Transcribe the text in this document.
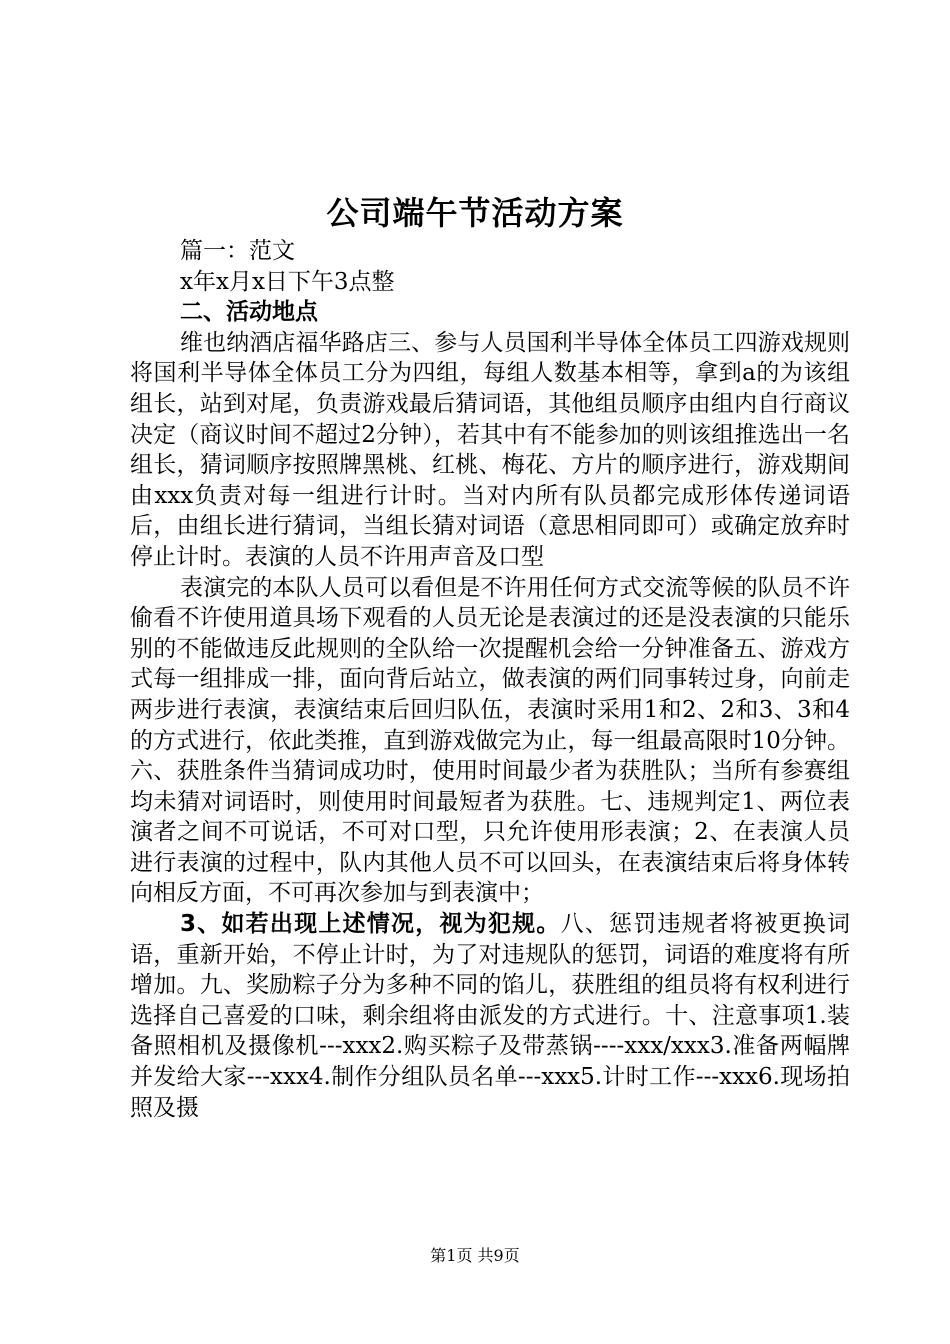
公司端午节活动方案

篇一：范文

x年x月x日下午3点整

二、活动地点

维也纳酒店福华路店三、参与人员国利半导体全体员工四游戏规则将国利半导体全体员工分为四组，每组人数基本相等，拿到a的为该组组长，站到对尾，负责游戏最后猜词语，其他组员顺序由组内自行商议决定（商议时间不超过2分钟），若其中有不能参加的则该组推选出一名组长，猜词顺序按照牌黑桃、红桃、梅花、方片的顺序进行，游戏期间由xxx负责对每一组进行计时。当对内所有队员都完成形体传递词语后，由组长进行猜词，当组长猜对词语（意思相同即可）或确定放弃时停止计时。表演的人员不许用声音及口型

表演完的本队人员可以看但是不许用任何方式交流等候的队员不许偷看不许使用道具场下观看的人员无论是表演过的还是没表演的只能乐别的不能做违反此规则的全队给一次提醒机会给一分钟准备五、游戏方式每一组排成一排，面向背后站立，做表演的两们同事转过身，向前走两步进行表演，表演结束后回归队伍，表演时采用1和2、2和3、3和4的方式进行，依此类推，直到游戏做完为止，每一组最高限时10分钟。六、获胜条件当猜词成功时，使用时间最少者为获胜队；当所有参赛组均未猜对词语时，则使用时间最短者为获胜。七、违规判定1、两位表演者之间不可说话，不可对口型，只允许使用形表演；2、在表演人员进行表演的过程中，队内其他人员不可以回头，在表演结束后将身体转向相反方面，不可再次参加与到表演中；

3、如若出现上述情况，视为犯规。八、惩罚违规者将被更换词语，重新开始，不停止计时，为了对违规队的惩罚，词语的难度将有所增加。九、奖励粽子分为多种不同的馅儿，获胜组的组员将有权利进行选择自己喜爱的口味，剩余组将由派发的方式进行。十、注意事项1.装备照相机及摄像机---xxx2.购买粽子及带蒸锅----xxx/xxx3.准备两幅牌并发给大家---xxx4.制作分组队员名单---xxx5.计时工作---xxx6.现场拍照及摄

第1页 共9页
